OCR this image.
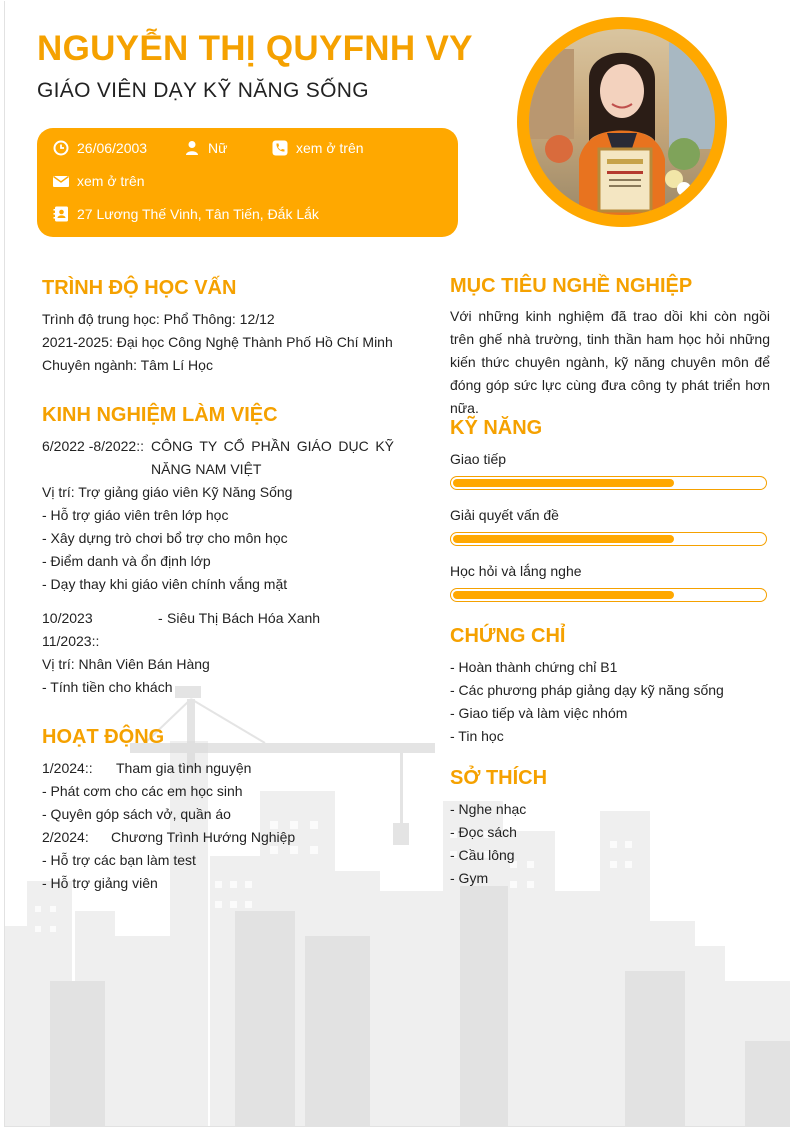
NGUYỄN THỊ QUYFNH VY
GIÁO VIÊN DẠY KỸ NĂNG SỐNG
26/06/2003	Nữ	xem ở trên
xem ở trên
27 Lương Thế Vinh, Tân Tiến, Đắk Lắk
TRÌNH ĐỘ HỌC VẤN
Trình độ trung học: Phổ Thông: 12/12
2021-2025: Đại học Công Nghệ Thành Phố Hồ Chí Minh
Chuyên ngành: Tâm Lí Học
KINH NGHIỆM LÀM VIỆC
6/2022 -8/2022:: CÔNG TY CỔ PHẦN GIÁO DỤC KỸ
NĂNG NAM VIỆT
Vị trí: Trợ giảng giáo viên Kỹ Năng Sống
- Hỗ trợ giáo viên trên lớp học
- Xây dựng trò chơi bổ trợ cho môn học
- Điểm danh và ổn định lớp
- Dạy thay khi giáo viên chính vắng mặt
10/2023	- Siêu Thị Bách Hóa Xanh
11/2023::
Vị trí: Nhân Viên Bán Hàng
- Tính tiền cho khách
HOẠT ĐỘNG
1/2024:: Tham gia tình nguyện
- Phát cơm cho các em học sinh
- Quyên góp sách vở, quần áo
2/2024: Chương Trình Hướng Nghiệp
- Hỗ trợ các bạn làm test
- Hỗ trợ giảng viên
MỤC TIÊU NGHỀ NGHIỆP
Với những kinh nghiệm đã trao dồi khi còn ngồi trên ghế nhà trường, tinh thần ham học hỏi những kiến thức chuyên ngành, kỹ năng chuyên môn để đóng góp sức lực cùng đưa công ty phát triển hơn nữa.
KỸ NĂNG
Giao tiếp
Giải quyết vấn đề
Học hỏi và lắng nghe
CHỨNG CHỈ
- Hoàn thành chứng chỉ B1
- Các phương pháp giảng dạy kỹ năng sống
- Giao tiếp và làm việc nhóm
- Tin học
SỞ THÍCH
- Nghe nhạc
- Đọc sách
- Cầu lông
- Gym
